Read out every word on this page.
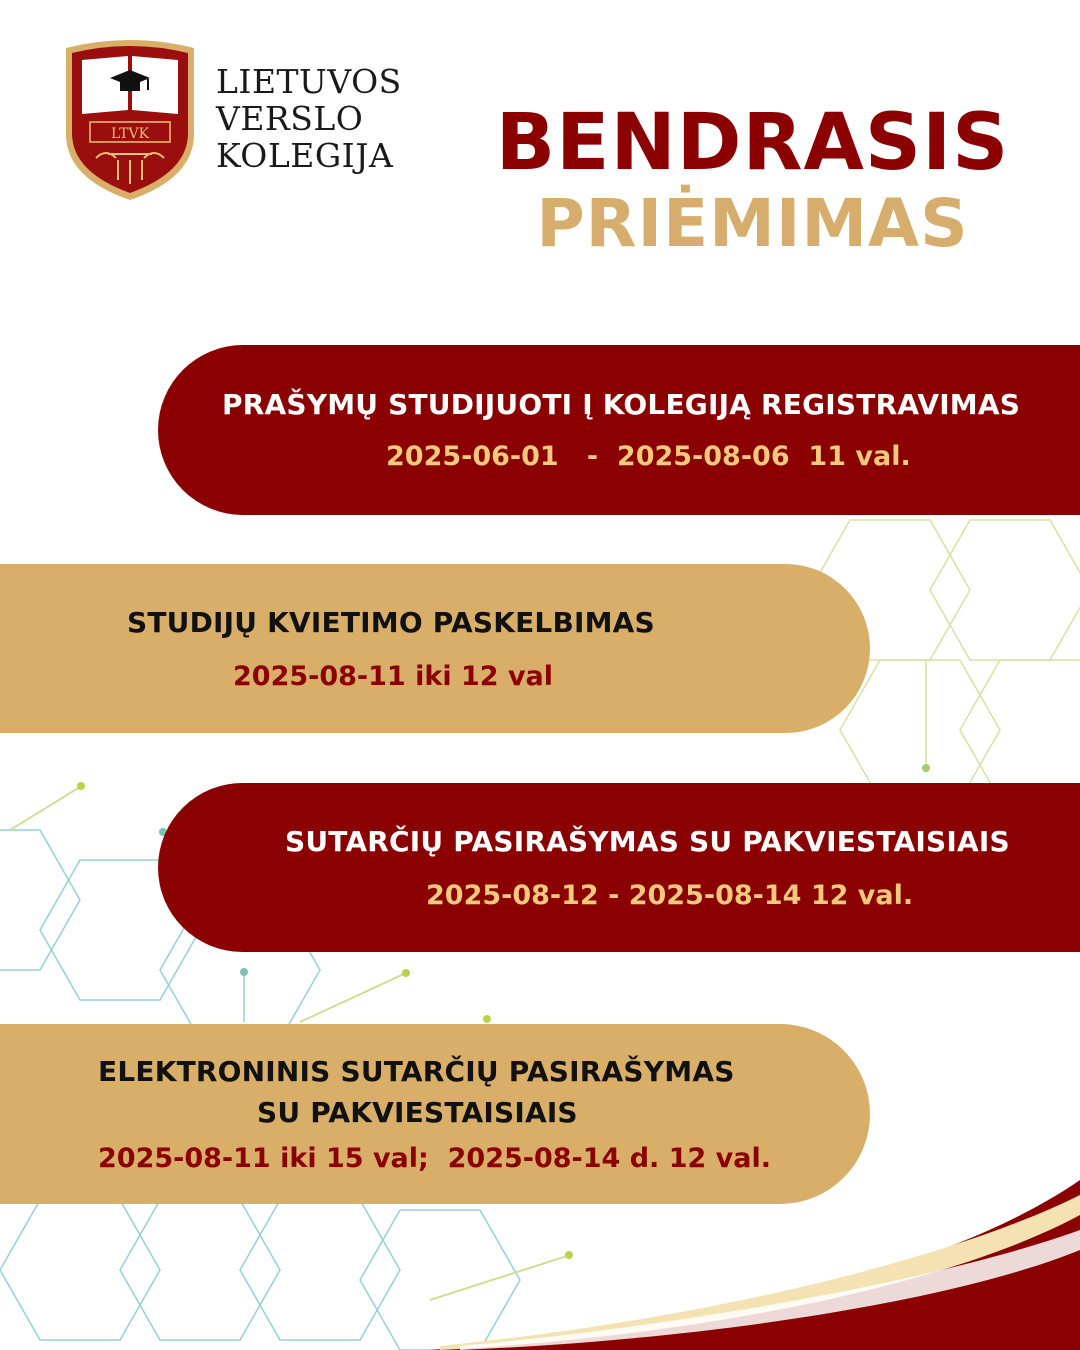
LTVK
LIETUVOS
VERSLO
KOLEGIJA	BENDRASIS
PRIĖMIMAS
PRAŠYMŲ STUDIJUOTI Į KOLEGIJĄ REGISTRAVIMAS
2025-06-01   -  2025-08-06  11 val.
STUDIJŲ KVIETIMO PASKELBIMAS
2025-08-11 iki 12 val
SUTARČIŲ PASIRAŠYMAS SU PAKVIESTAISIAIS
2025-08-12 - 2025-08-14 12 val.
ELEKTRONINIS SUTARČIŲ PASIRAŠYMAS
SU PAKVIESTAISIAIS
2025-08-11 iki 15 val;  2025-08-14 d. 12 val.
